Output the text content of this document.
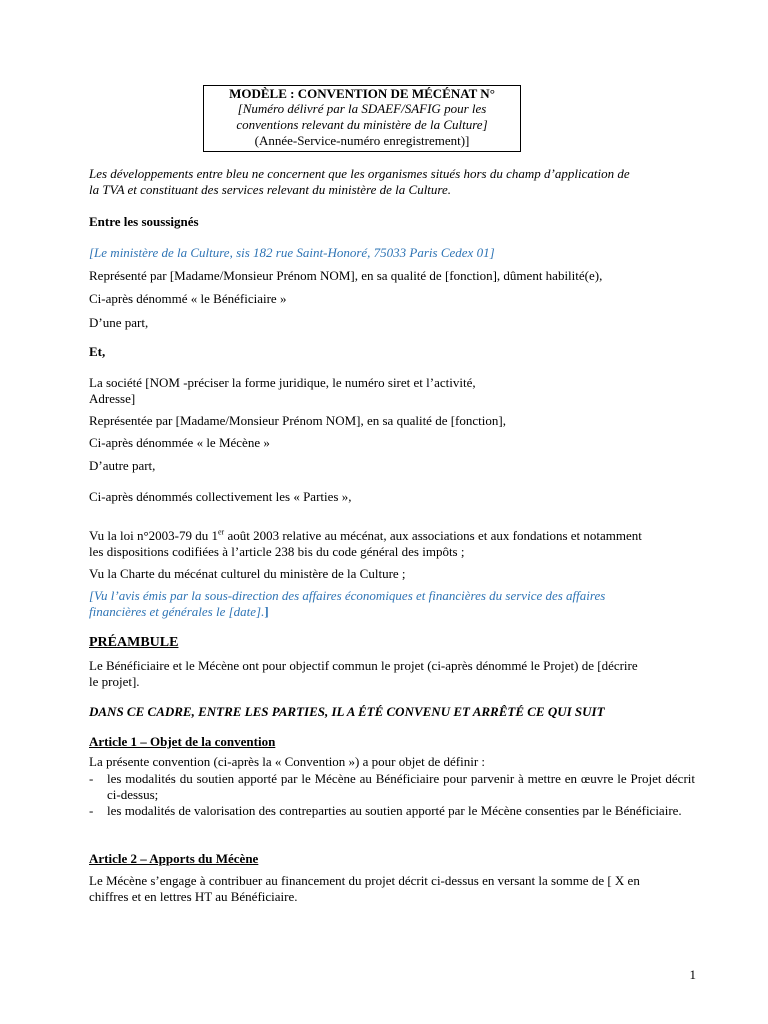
MODÈLE : CONVENTION DE MÉCÉNAT N°
[Numéro délivré par la SDAEF/SAFIG pour les
conventions relevant du ministère de la Culture]
(Année-Service-numéro enregistrement)]
Les développements entre bleu ne concernent que les organismes situés hors du champ d’application de
la TVA et constituant des services relevant du ministère de la Culture.
Entre les soussignés
[Le ministère de la Culture, sis 182 rue Saint-Honoré, 75033 Paris Cedex 01]
Représenté par [Madame/Monsieur Prénom NOM], en sa qualité de [fonction], dûment habilité(e),
Ci-après dénommé « le Bénéficiaire »
D’une part,
Et,
La société [NOM -préciser la forme juridique, le numéro siret et l’activité,
Adresse]
Représentée par [Madame/Monsieur Prénom NOM], en sa qualité de [fonction],
Ci-après dénommée « le Mécène »
D’autre part,
Ci-après dénommés collectivement les « Parties »,
Vu la loi n°2003-79 du 1er août 2003 relative au mécénat, aux associations et aux fondations et notamment
les dispositions codifiées à l’article 238 bis du code général des impôts ;
Vu la Charte du mécénat culturel du ministère de la Culture ;
[Vu l’avis émis par la sous-direction des affaires économiques et financières du service des affaires
financières et générales le [date].]
PRÉAMBULE
Le Bénéficiaire et le Mécène ont pour objectif commun le projet (ci-après dénommé le Projet) de [décrire
le projet].
DANS CE CADRE, ENTRE LES PARTIES, IL A ÉTÉ CONVENU ET ARRÊTÉ CE QUI SUIT
Article 1 – Objet de la convention
La présente convention (ci-après la « Convention ») a pour objet de définir :
- les modalités du soutien apporté par le Mécène au Bénéficiaire pour parvenir à mettre en œuvre le Projet décrit ci-dessus;
- les modalités de valorisation des contreparties au soutien apporté par le Mécène consenties par le Bénéficiaire.
Article 2 – Apports du Mécène
Le Mécène s’engage à contribuer au financement du projet décrit ci-dessus en versant la somme de [ X en
chiffres et en lettres HT au Bénéficiaire.
1
